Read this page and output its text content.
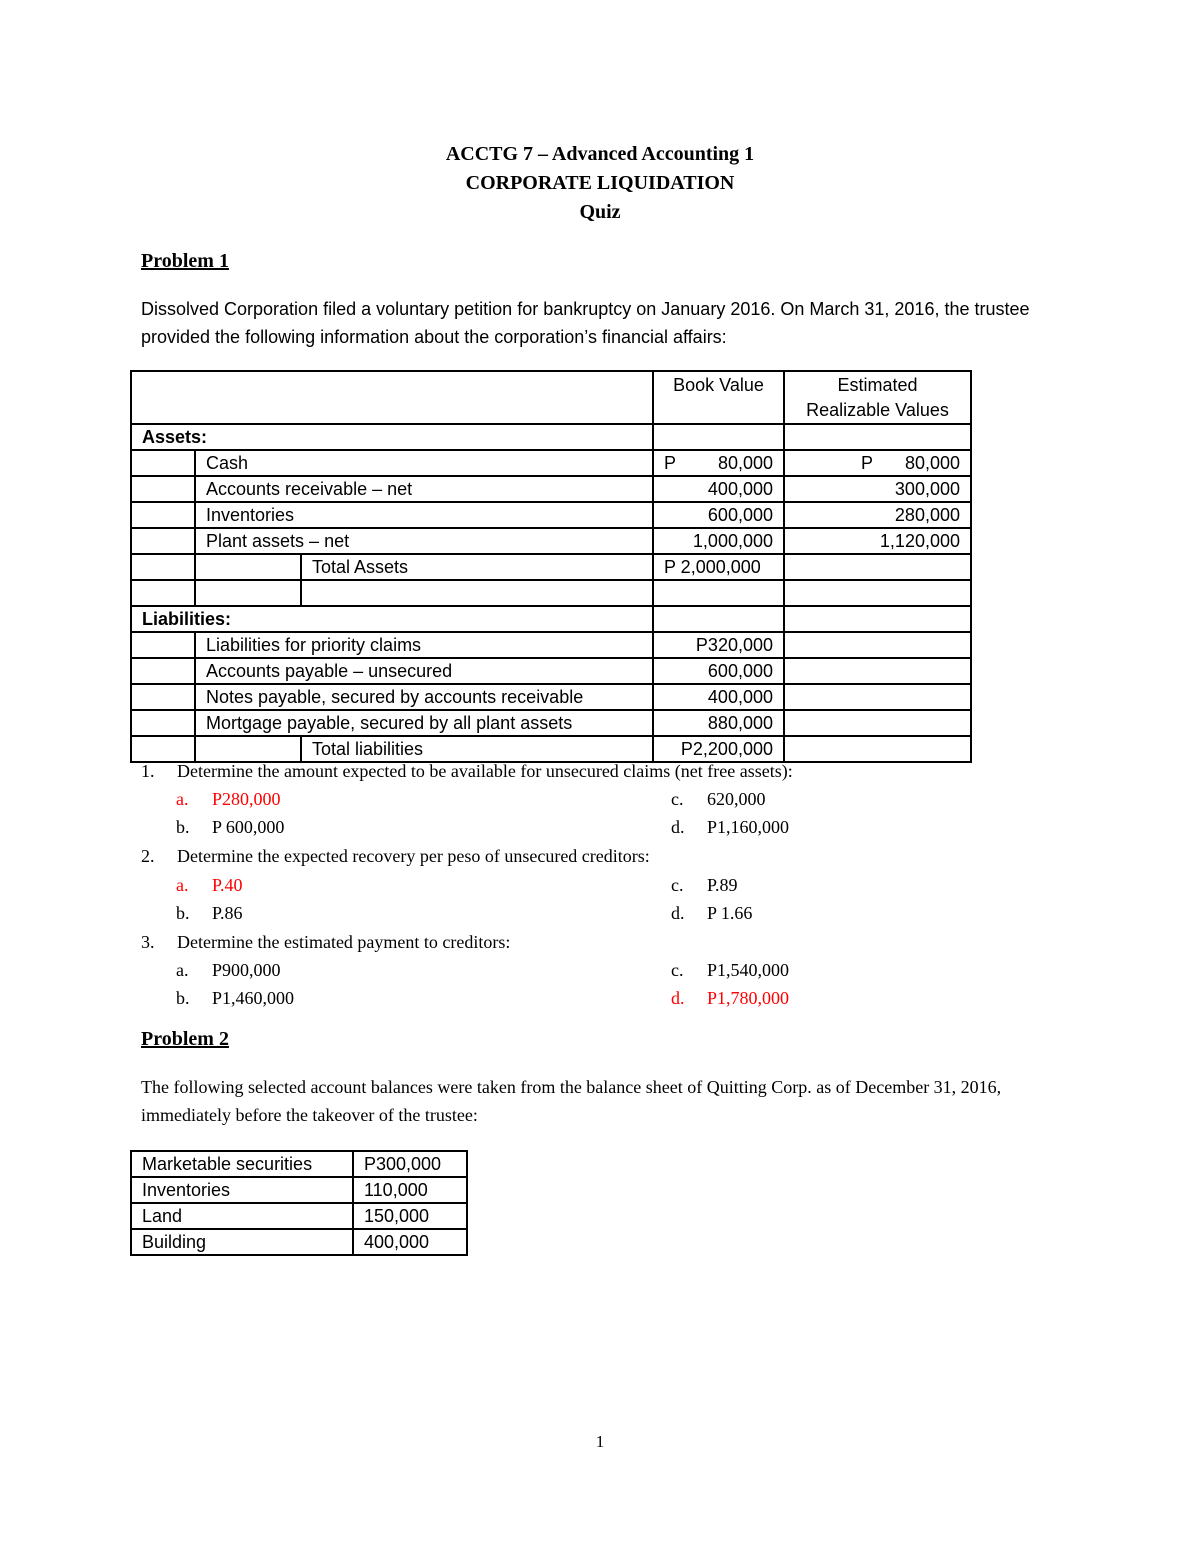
ACCTG 7 – Advanced Accounting 1
CORPORATE LIQUIDATION
Quiz
Problem 1
Dissolved Corporation filed a voluntary petition for bankruptcy on January 2016. On March 31, 2016, the trustee provided the following information about the corporation’s financial affairs:
			Book Value	Estimated
Realizable Values
Assets:				
	Cash		P 80,000	P 80,000

	Accounts receivable – net		400,000	300,000
	Inventories		600,000	280,000
	Plant assets – net		1,000,000	1,120,000
		Total Assets	P 2,000,000	

Liabilities:				
	Liabilities for priority claims		P320,000	
	Accounts payable – unsecured		600,000	
	Notes payable, secured by accounts receivable		400,000	
	Mortgage payable, secured by all plant assets		880,000	
		Total liabilities	P2,200,000	
1. Determine the amount expected to be available for unsecured claims (net free assets):
a. P280,000
b. P 600,000
c. 620,000
d. P1,160,000
2. Determine the expected recovery per peso of unsecured creditors:
a. P.40
b. P.86
c. P.89
d. P 1.66
3. Determine the estimated payment to creditors:
a. P900,000
b. P1,460,000
c. P1,540,000
d. P1,780,000
Problem 2
The following selected account balances were taken from the balance sheet of Quitting Corp. as of December 31, 2016, immediately before the takeover of the trustee:
Marketable securities	P300,000
Inventories	110,000
Land	150,000
Building	400,000
1
